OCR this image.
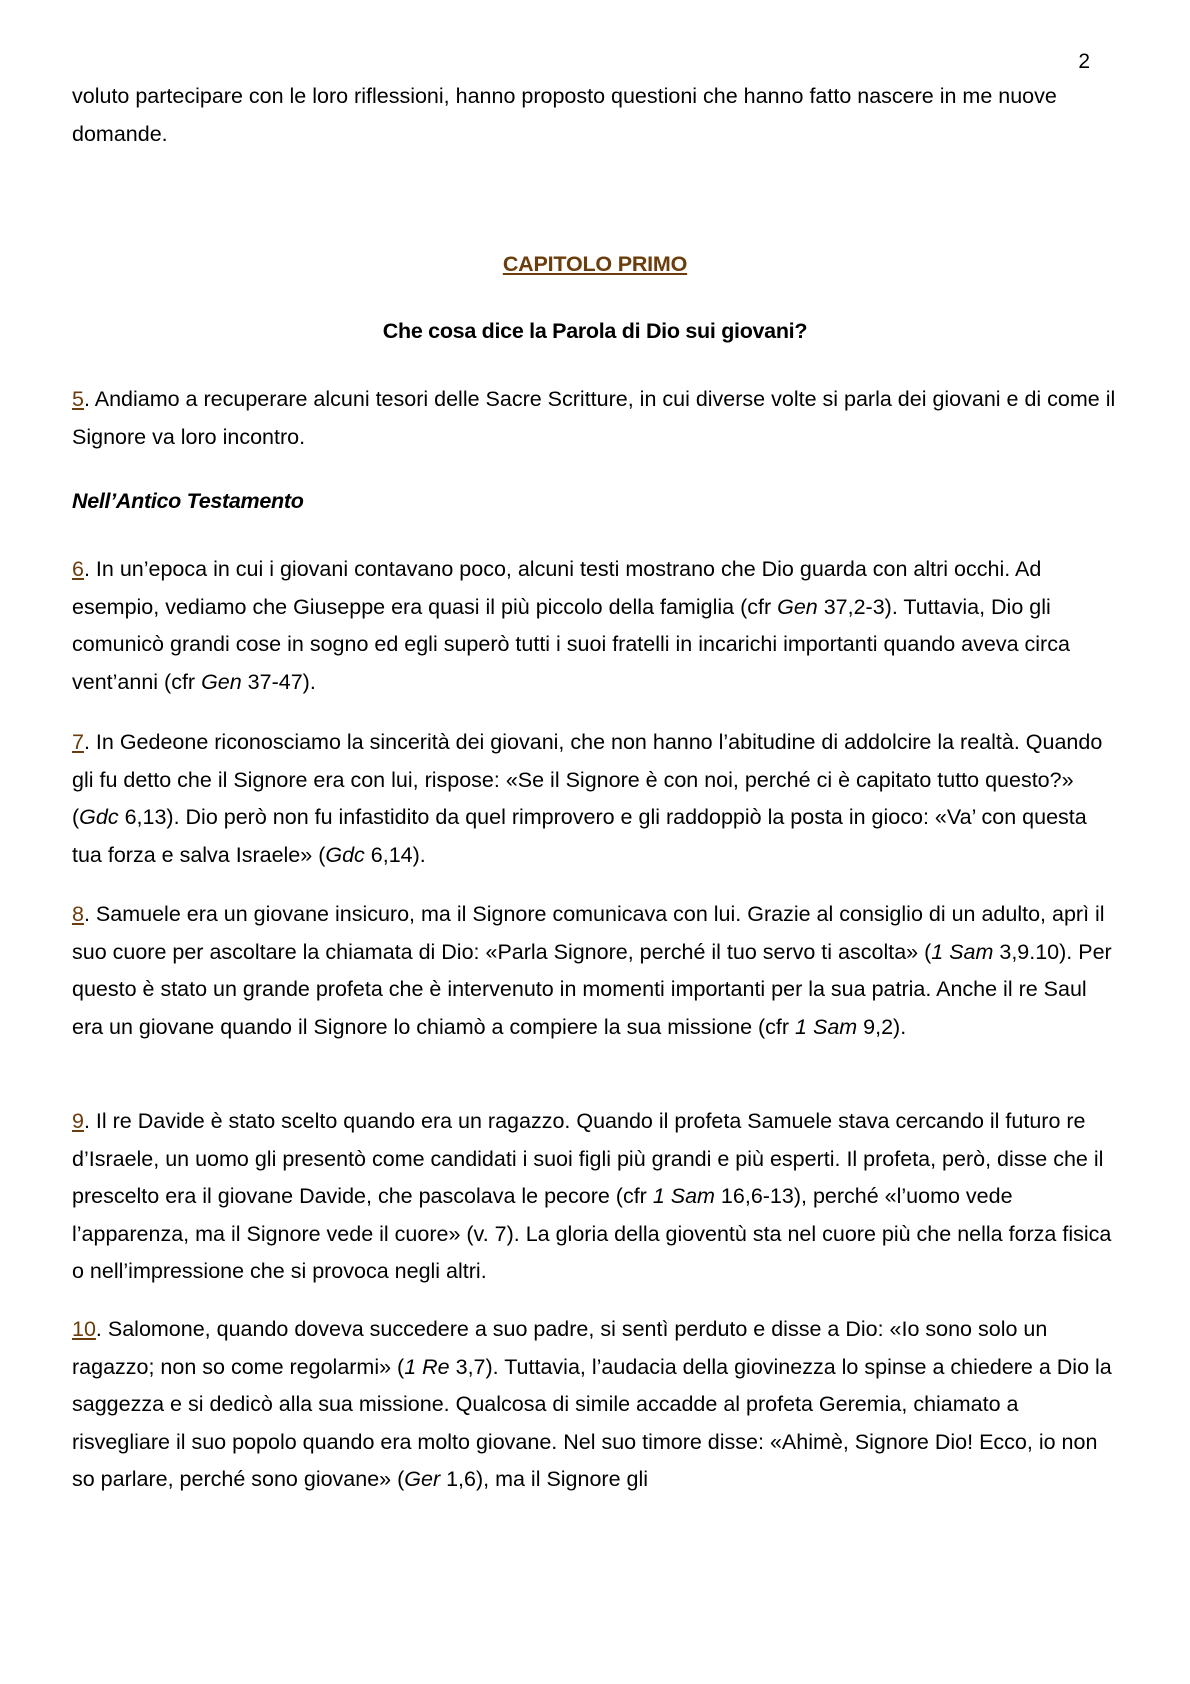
2

voluto partecipare con le loro riflessioni, hanno proposto questioni che hanno fatto nascere in me nuove domande.

CAPITOLO PRIMO
Che cosa dice la Parola di Dio sui giovani?

5. Andiamo a recuperare alcuni tesori delle Sacre Scritture, in cui diverse volte si parla dei giovani e di come il Signore va loro incontro.

Nell’Antico Testamento

6. In un’epoca in cui i giovani contavano poco, alcuni testi mostrano che Dio guarda con altri occhi. Ad esempio, vediamo che Giuseppe era quasi il più piccolo della famiglia (cfr Gen 37,2-3). Tuttavia, Dio gli comunicò grandi cose in sogno ed egli superò tutti i suoi fratelli in incarichi importanti quando aveva circa vent’anni (cfr Gen 37-47).

7. In Gedeone riconosciamo la sincerità dei giovani, che non hanno l’abitudine di addolcire la realtà. Quando gli fu detto che il Signore era con lui, rispose: «Se il Signore è con noi, perché ci è capitato tutto questo?» (Gdc 6,13). Dio però non fu infastidito da quel rimprovero e gli raddoppiò la posta in gioco: «Va’ con questa tua forza e salva Israele» (Gdc 6,14).

8. Samuele era un giovane insicuro, ma il Signore comunicava con lui. Grazie al consiglio di un adulto, aprì il suo cuore per ascoltare la chiamata di Dio: «Parla Signore, perché il tuo servo ti ascolta» (1 Sam 3,9.10). Per questo è stato un grande profeta che è intervenuto in momenti importanti per la sua patria. Anche il re Saul era un giovane quando il Signore lo chiamò a compiere la sua missione (cfr 1 Sam 9,2).

9. Il re Davide è stato scelto quando era un ragazzo. Quando il profeta Samuele stava cercando il futuro re d’Israele, un uomo gli presentò come candidati i suoi figli più grandi e più esperti. Il profeta, però, disse che il prescelto era il giovane Davide, che pascolava le pecore (cfr 1 Sam 16,6-13), perché «l’uomo vede l’apparenza, ma il Signore vede il cuore» (v. 7). La gloria della gioventù sta nel cuore più che nella forza fisica o nell’impressione che si provoca negli altri.

10. Salomone, quando doveva succedere a suo padre, si sentì perduto e disse a Dio: «Io sono solo un ragazzo; non so come regolarmi» (1 Re 3,7). Tuttavia, l’audacia della giovinezza lo spinse a chiedere a Dio la saggezza e si dedicò alla sua missione. Qualcosa di simile accadde al profeta Geremia, chiamato a risvegliare il suo popolo quando era molto giovane. Nel suo timore disse: «Ahimè, Signore Dio! Ecco, io non so parlare, perché sono giovane» (Ger 1,6), ma il Signore gli
